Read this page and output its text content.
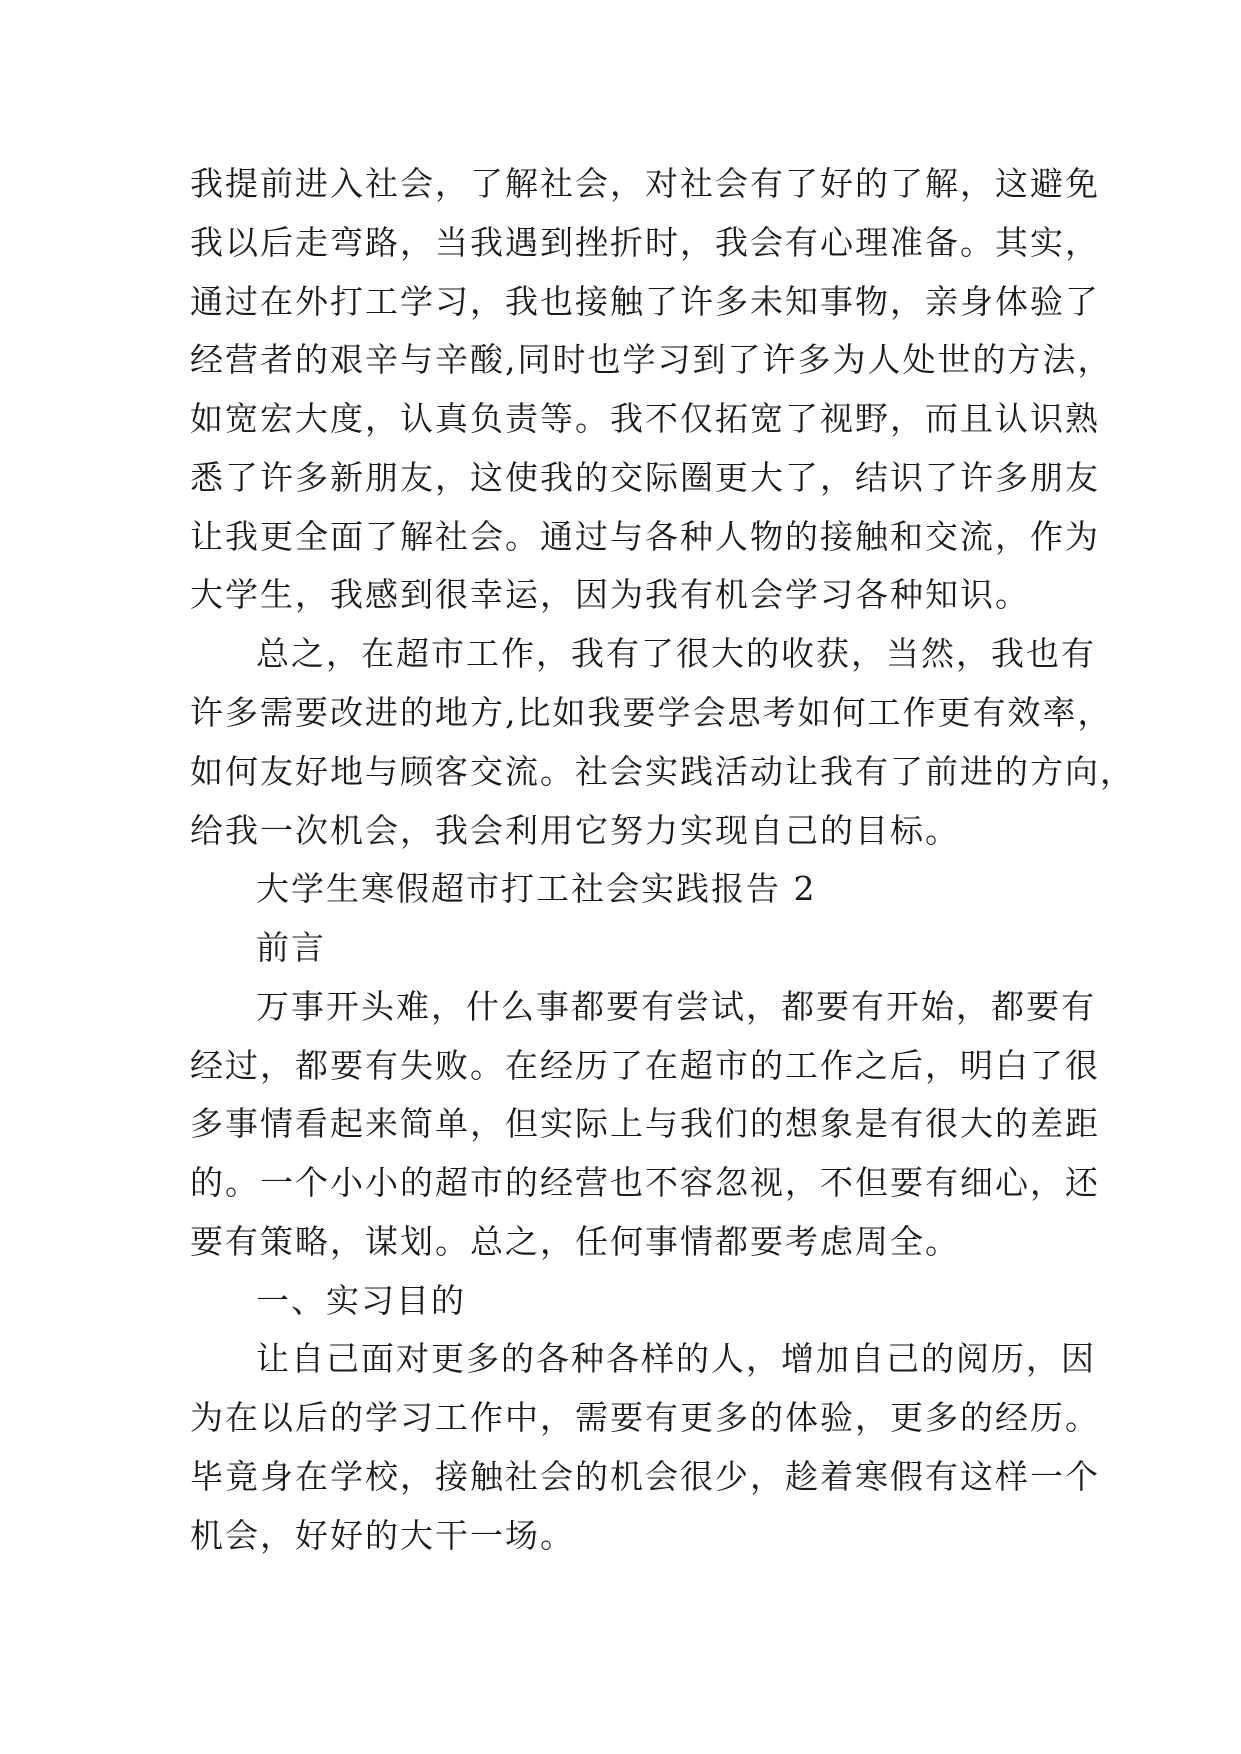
我提前进入社会，了解社会，对社会有了好的了解，这避免
我以后走弯路，当我遇到挫折时，我会有心理准备。其实，
通过在外打工学习，我也接触了许多未知事物，亲身体验了
经营者的艰辛与辛酸,同时也学习到了许多为人处世的方法，
如宽宏大度，认真负责等。我不仅拓宽了视野，而且认识熟
悉了许多新朋友，这使我的交际圈更大了，结识了许多朋友
让我更全面了解社会。通过与各种人物的接触和交流，作为
大学生，我感到很幸运，因为我有机会学习各种知识。
总之，在超市工作，我有了很大的收获，当然，我也有
许多需要改进的地方,比如我要学会思考如何工作更有效率，
如何友好地与顾客交流。社会实践活动让我有了前进的方向，
给我一次机会，我会利用它努力实现自己的目标。
大学生寒假超市打工社会实践报告 2
前言
万事开头难，什么事都要有尝试，都要有开始，都要有
经过，都要有失败。在经历了在超市的工作之后，明白了很
多事情看起来简单，但实际上与我们的想象是有很大的差距
的。一个小小的超市的经营也不容忽视，不但要有细心，还
要有策略，谋划。总之，任何事情都要考虑周全。
一、实习目的
让自己面对更多的各种各样的人，增加自己的阅历，因
为在以后的学习工作中，需要有更多的体验，更多的经历。
毕竟身在学校，接触社会的机会很少，趁着寒假有这样一个
机会，好好的大干一场。
